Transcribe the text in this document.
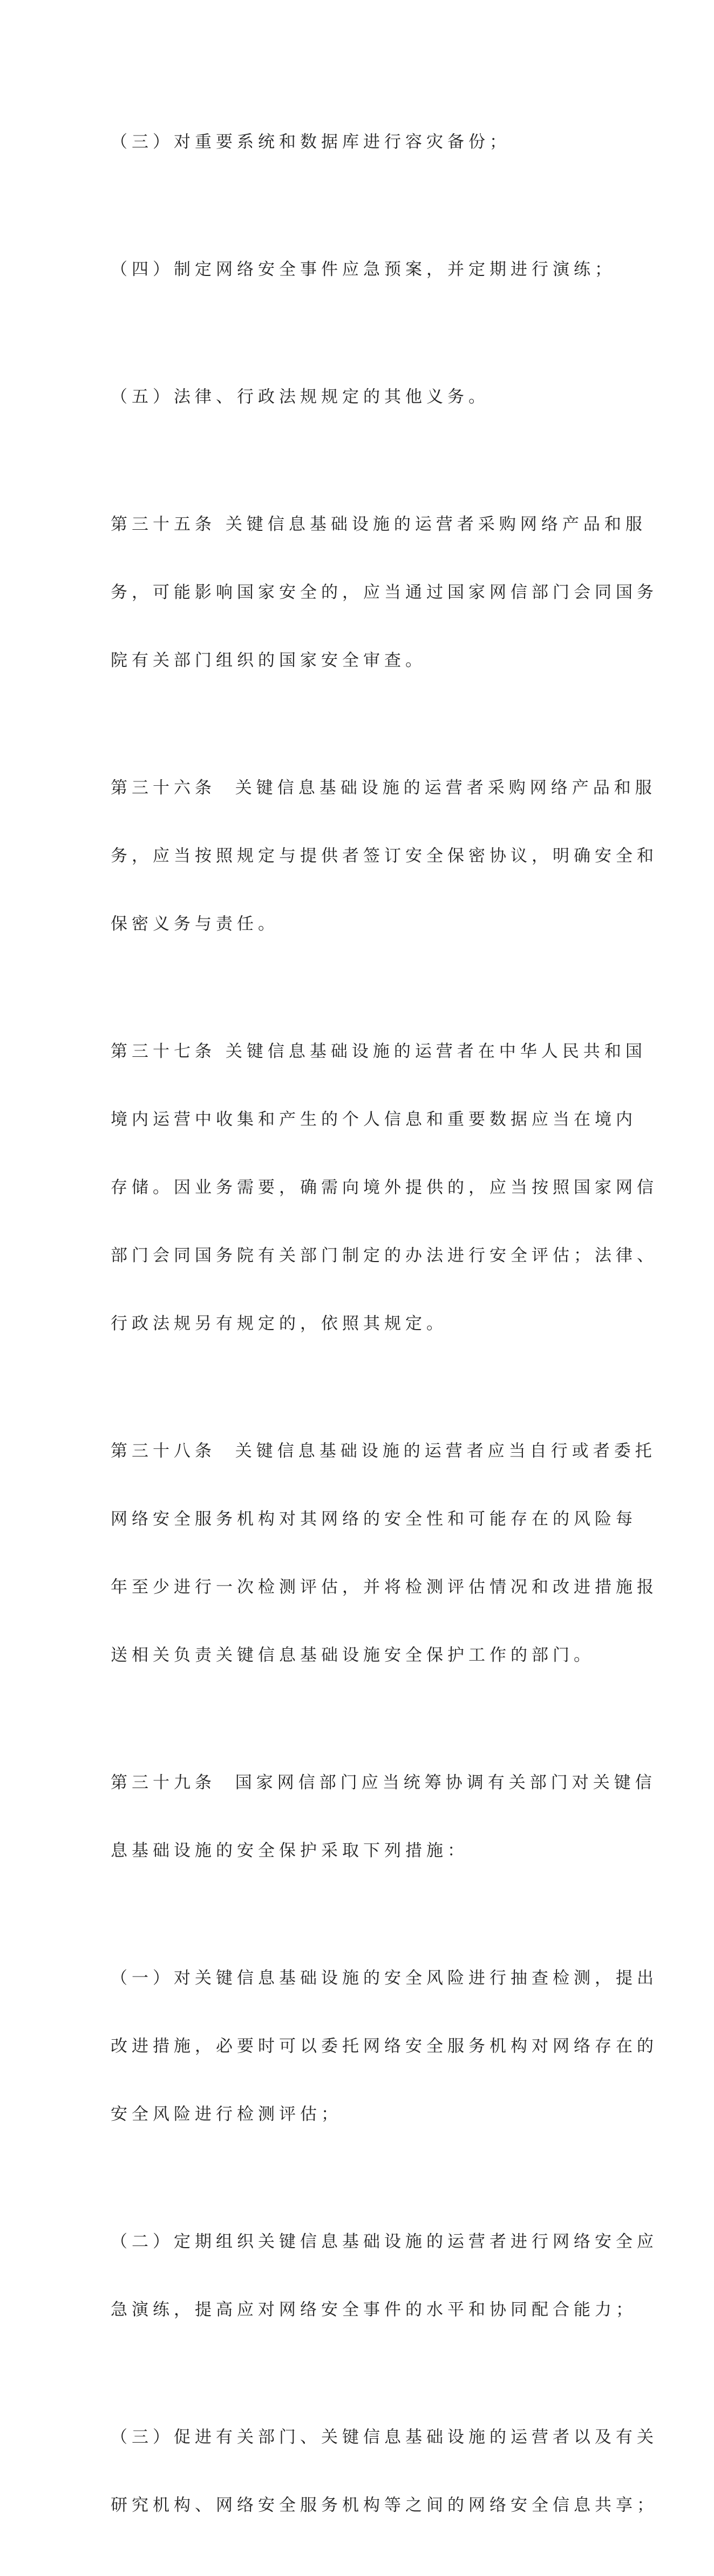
（三）对重要系统和数据库进行容灾备份；

（四）制定网络安全事件应急预案，并定期进行演练；

（五）法律、行政法规规定的其他义务。

第三十五条 关键信息基础设施的运营者采购网络产品和服

务，可能影响国家安全的，应当通过国家网信部门会同国务

院有关部门组织的国家安全审查。

第三十六条  关键信息基础设施的运营者采购网络产品和服

务，应当按照规定与提供者签订安全保密协议，明确安全和

保密义务与责任。

第三十七条 关键信息基础设施的运营者在中华人民共和国

境内运营中收集和产生的个人信息和重要数据应当在境内

存储。因业务需要，确需向境外提供的，应当按照国家网信

部门会同国务院有关部门制定的办法进行安全评估；法律、

行政法规另有规定的，依照其规定。

第三十八条  关键信息基础设施的运营者应当自行或者委托

网络安全服务机构对其网络的安全性和可能存在的风险每

年至少进行一次检测评估，并将检测评估情况和改进措施报

送相关负责关键信息基础设施安全保护工作的部门。

第三十九条  国家网信部门应当统筹协调有关部门对关键信

息基础设施的安全保护采取下列措施：

（一）对关键信息基础设施的安全风险进行抽查检测，提出

改进措施，必要时可以委托网络安全服务机构对网络存在的

安全风险进行检测评估；

（二）定期组织关键信息基础设施的运营者进行网络安全应

急演练，提高应对网络安全事件的水平和协同配合能力；

（三）促进有关部门、关键信息基础设施的运营者以及有关

研究机构、网络安全服务机构等之间的网络安全信息共享；
